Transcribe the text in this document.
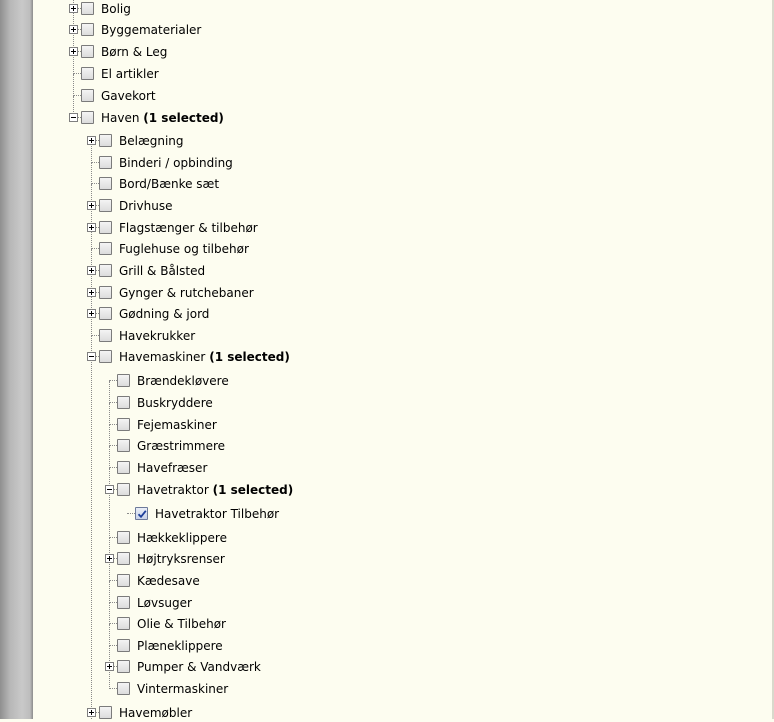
Bolig
Byggematerialer
Børn & Leg
El artikler
Gavekort
Haven (1 selected)
Belægning
Binderi / opbinding
Bord/Bænke sæt
Drivhuse
Flagstænger & tilbehør
Fuglehuse og tilbehør
Grill & Bålsted
Gynger & rutchebaner
Gødning & jord
Havekrukker
Havemaskiner (1 selected)
Brændekløvere
Buskryddere
Fejemaskiner
Græstrimmere
Havefræser
Havetraktor (1 selected)
Havetraktor Tilbehør
Hækkeklippere
Højtryksrenser
Kædesave
Løvsuger
Olie & Tilbehør
Plæneklippere
Pumper & Vandværk
Vintermaskiner
Havemøbler
